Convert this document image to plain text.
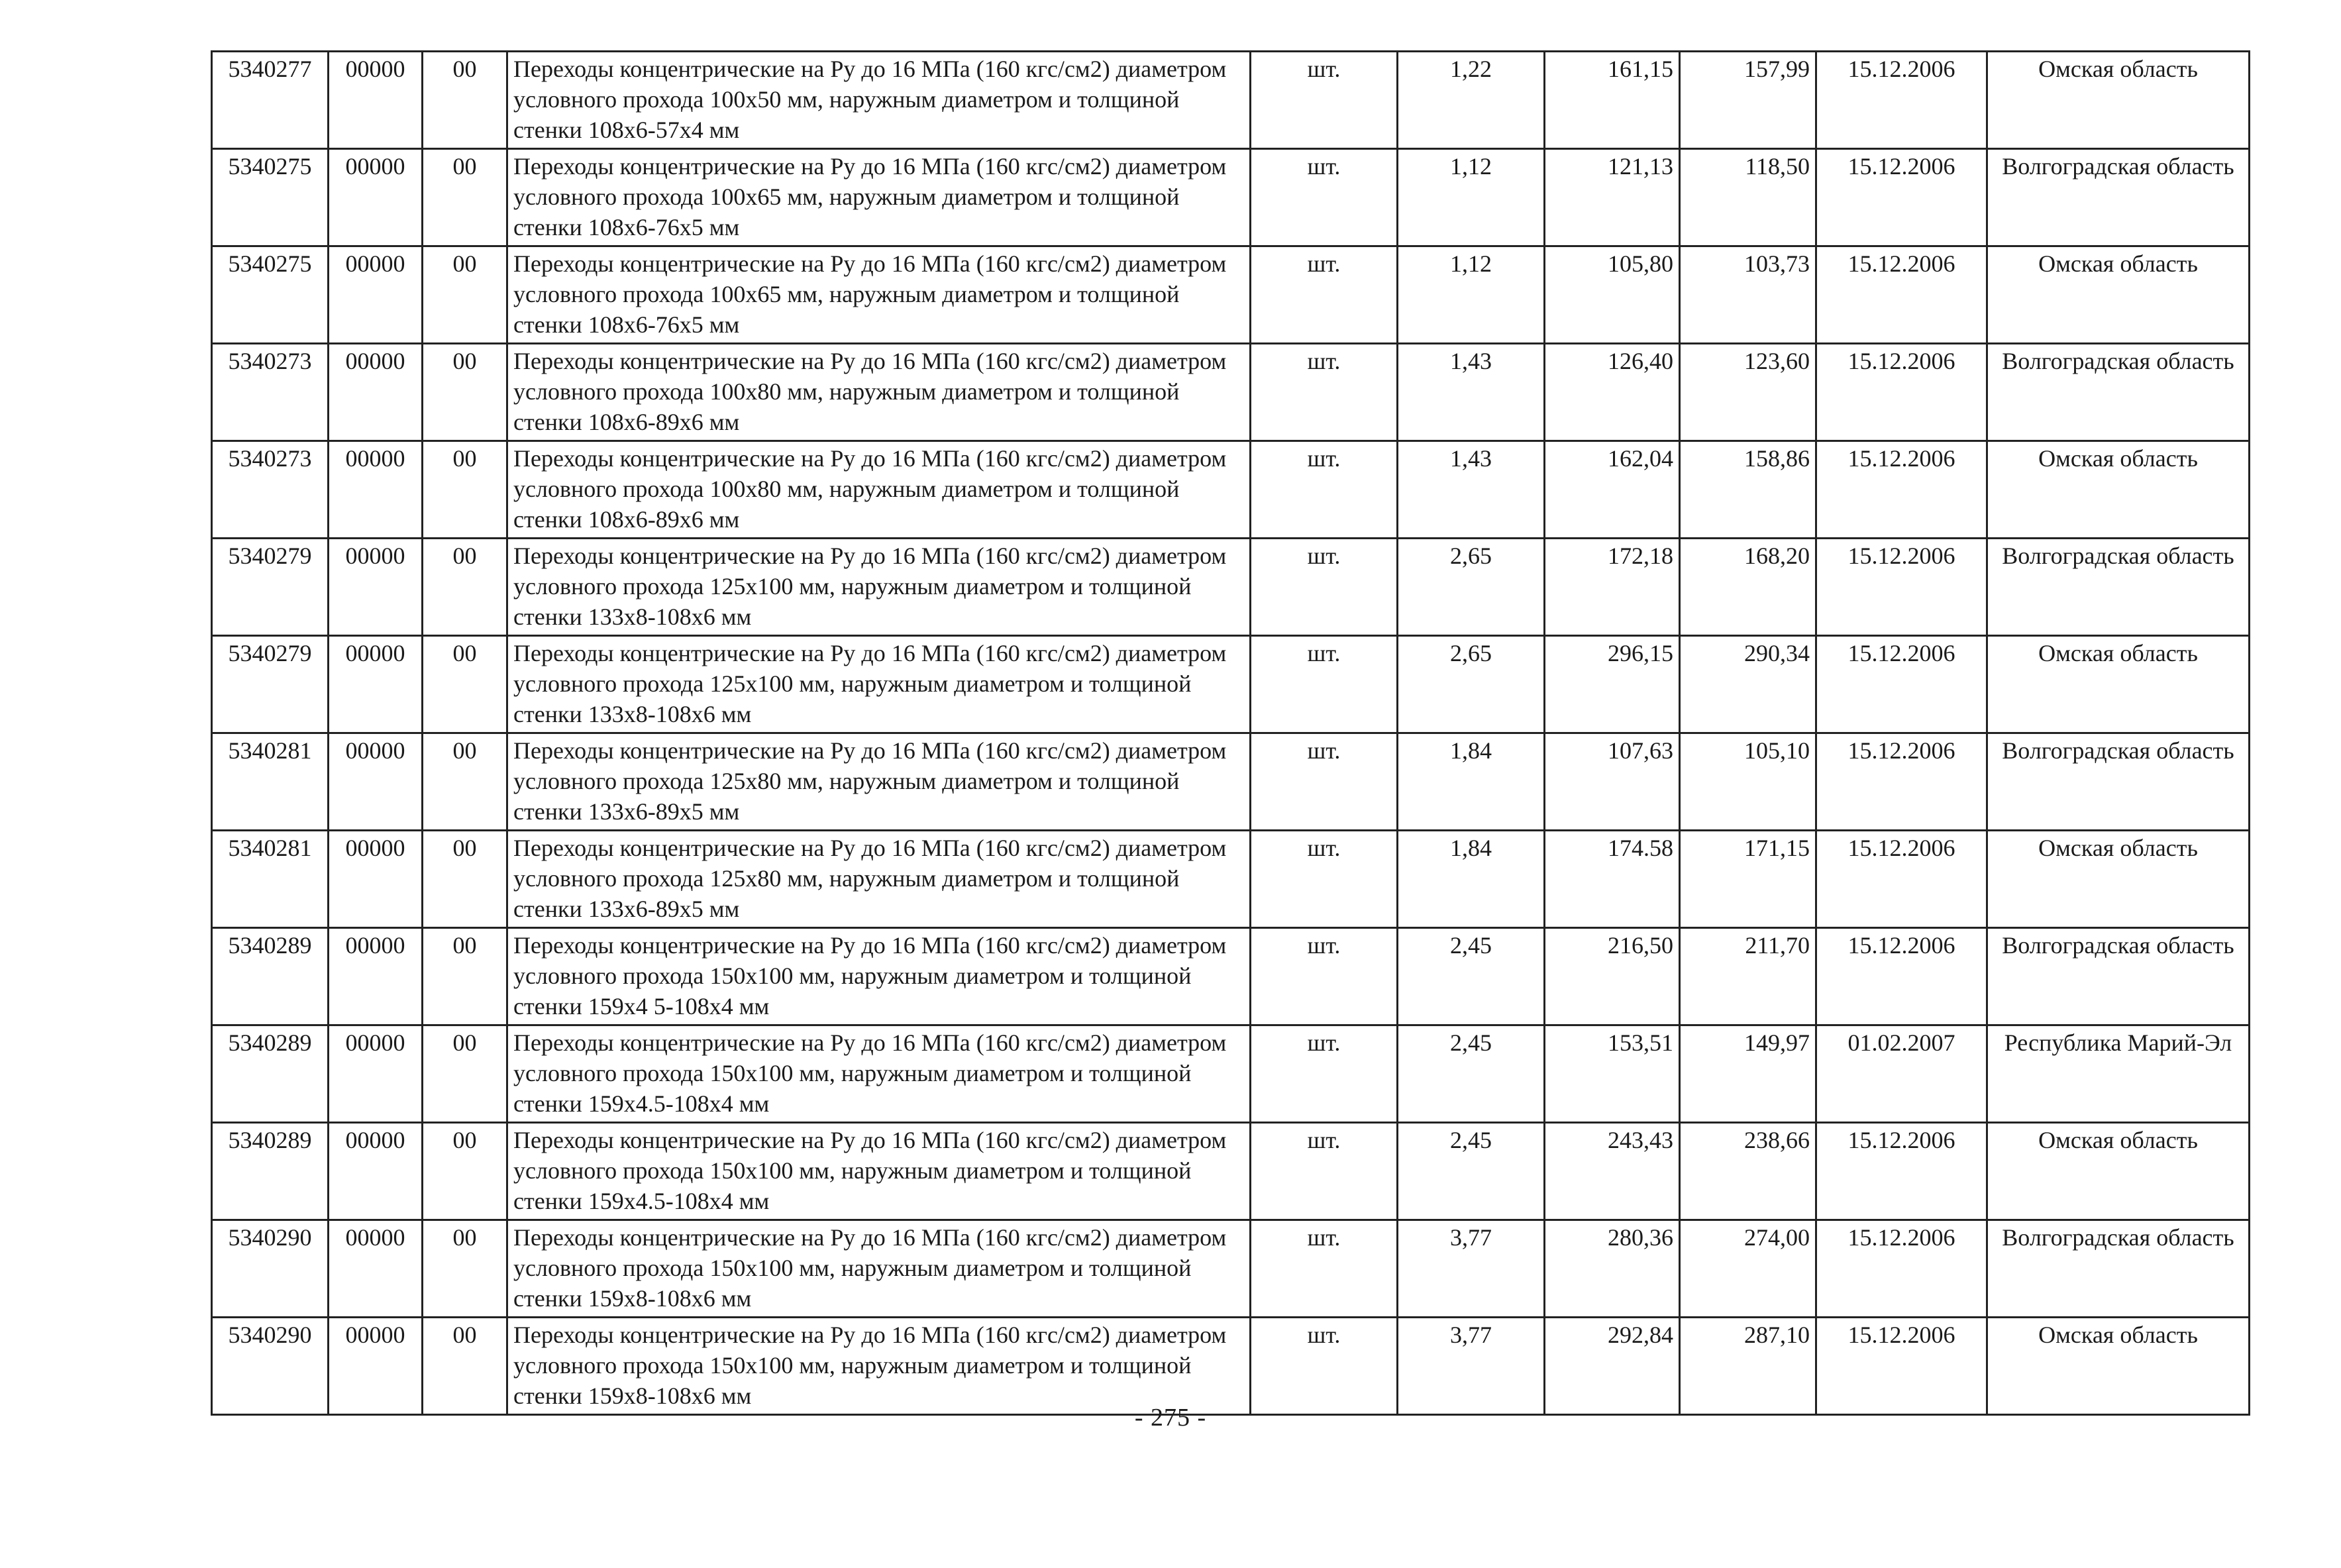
5340277	00000	00	Переходы концентрические на Ру до 16 МПа (160 кгс/см2) диаметром условного прохода 100х50 мм, наружным диаметром и толщиной стенки 108х6-57х4 мм	шт.	1,22	161,15	157,99	15.12.2006	Омская область
5340275	00000	00	Переходы концентрические на Ру до 16 МПа (160 кгс/см2) диаметром условного прохода 100х65 мм, наружным диаметром и толщиной стенки 108х6-76х5 мм	шт.	1,12	121,13	118,50	15.12.2006	Волгоградская область
5340275	00000	00	Переходы концентрические на Ру до 16 МПа (160 кгс/см2) диаметром условного прохода 100х65 мм, наружным диаметром и толщиной стенки 108х6-76х5 мм	шт.	1,12	105,80	103,73	15.12.2006	Омская область
5340273	00000	00	Переходы концентрические на Ру до 16 МПа (160 кгс/см2) диаметром условного прохода 100х80 мм, наружным диаметром и толщиной стенки 108х6-89х6 мм	шт.	1,43	126,40	123,60	15.12.2006	Волгоградская область
5340273	00000	00	Переходы концентрические на Ру до 16 МПа (160 кгс/см2) диаметром условного прохода 100х80 мм, наружным диаметром и толщиной стенки 108х6-89х6 мм	шт.	1,43	162,04	158,86	15.12.2006	Омская область
5340279	00000	00	Переходы концентрические на Ру до 16 МПа (160 кгс/см2) диаметром условного прохода 125х100 мм, наружным диаметром и толщиной стенки 133х8-108х6 мм	шт.	2,65	172,18	168,20	15.12.2006	Волгоградская область
5340279	00000	00	Переходы концентрические на Ру до 16 МПа (160 кгс/см2) диаметром условного прохода 125х100 мм, наружным диаметром и толщиной стенки 133х8-108х6 мм	шт.	2,65	296,15	290,34	15.12.2006	Омская область
5340281	00000	00	Переходы концентрические на Ру до 16 МПа (160 кгс/см2) диаметром условного прохода 125х80 мм, наружным диаметром и толщиной стенки 133х6-89х5 мм	шт.	1,84	107,63	105,10	15.12.2006	Волгоградская область
5340281	00000	00	Переходы концентрические на Ру до 16 МПа (160 кгс/см2) диаметром условного прохода 125х80 мм, наружным диаметром и толщиной стенки 133х6-89х5 мм	шт.	1,84	174.58	171,15	15.12.2006	Омская область
5340289	00000	00	Переходы концентрические на Ру до 16 МПа (160 кгс/см2) диаметром условного прохода 150х100 мм, наружным диаметром и толщиной стенки 159х4 5-108х4 мм	шт.	2,45	216,50	211,70	15.12.2006	Волгоградская область
5340289	00000	00	Переходы концентрические на Ру до 16 МПа (160 кгс/см2) диаметром условного прохода 150х100 мм, наружным диаметром и толщиной стенки 159х4.5-108х4 мм	шт.	2,45	153,51	149,97	01.02.2007	Республика Марий-Эл
5340289	00000	00	Переходы концентрические на Ру до 16 МПа (160 кгс/см2) диаметром условного прохода 150х100 мм, наружным диаметром и толщиной стенки 159х4.5-108х4 мм	шт.	2,45	243,43	238,66	15.12.2006	Омская область
5340290	00000	00	Переходы концентрические на Ру до 16 МПа (160 кгс/см2) диаметром условного прохода 150х100 мм, наружным диаметром и толщиной стенки 159х8-108х6 мм	шт.	3,77	280,36	274,00	15.12.2006	Волгоградская область
5340290	00000	00	Переходы концентрические на Ру до 16 МПа (160 кгс/см2) диаметром условного прохода 150х100 мм, наружным диаметром и толщиной стенки 159х8-108х6 мм	шт.	3,77	292,84	287,10	15.12.2006	Омская область
- 275 -
